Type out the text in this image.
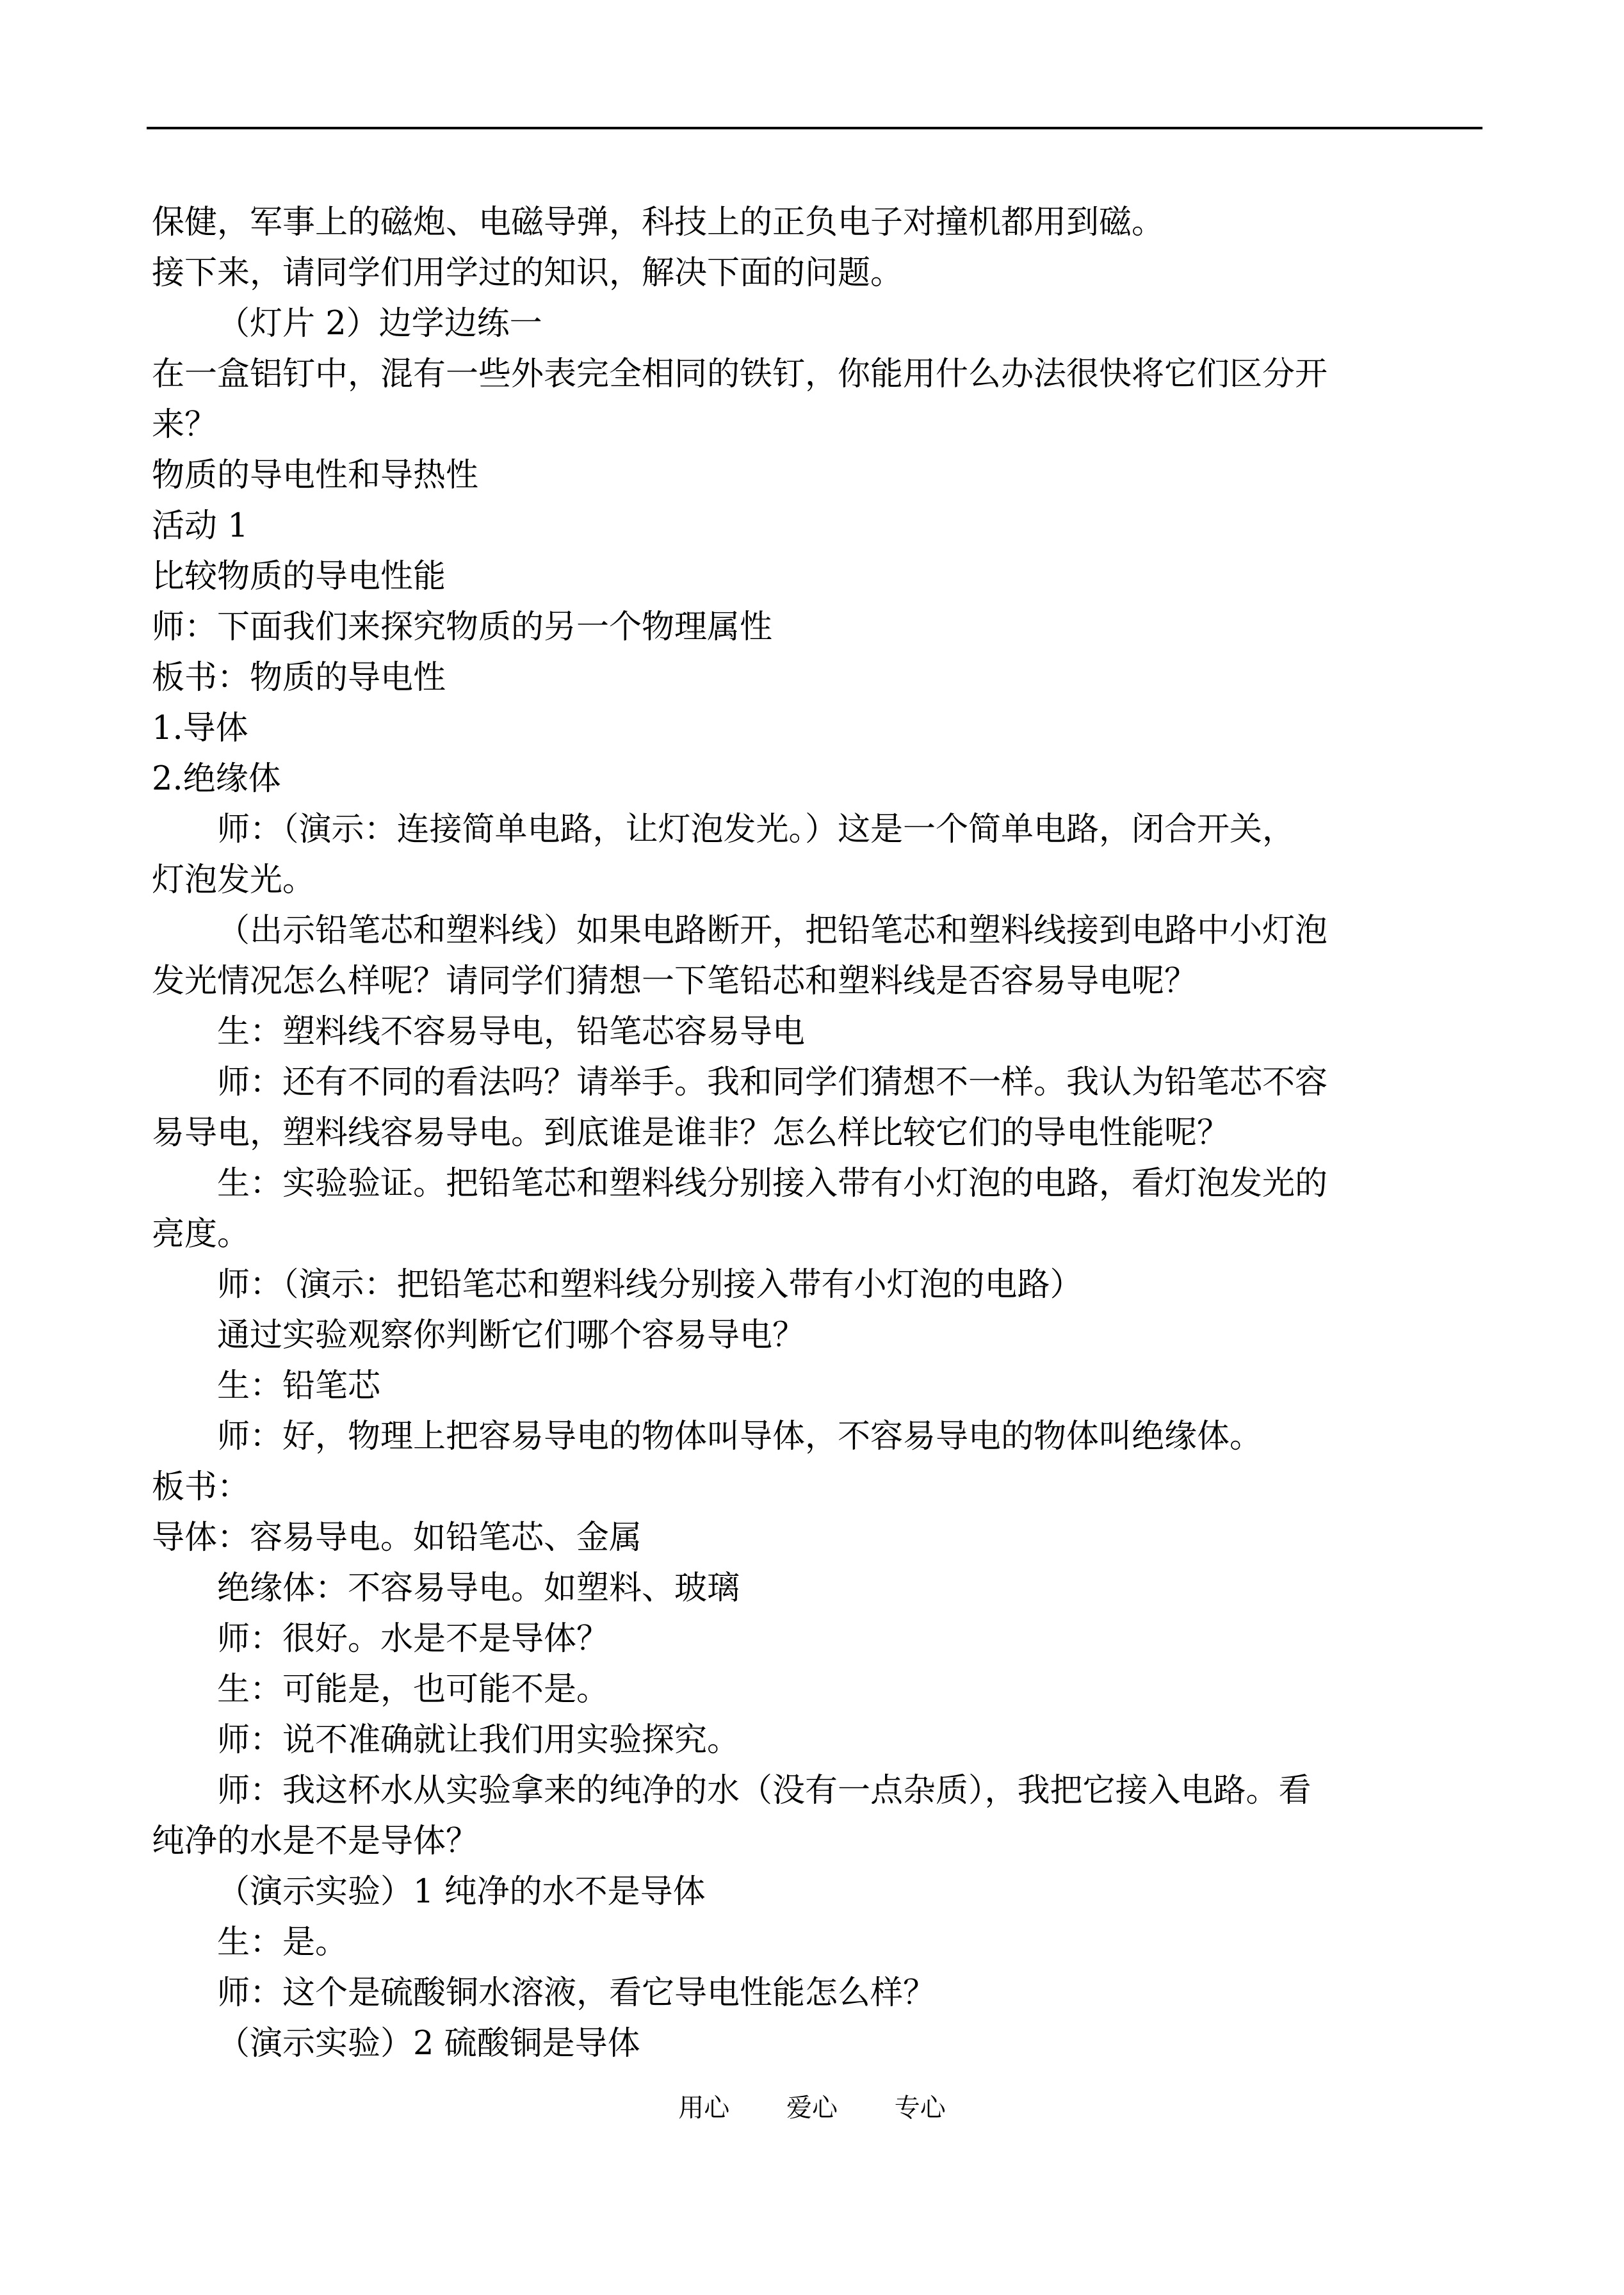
保健，军事上的磁炮、电磁导弹，科技上的正负电子对撞机都用到磁。

接下来，请同学们用学过的知识，解决下面的问题。

（灯片 2）边学边练一

在一盒铝钉中，混有一些外表完全相同的铁钉，你能用什么办法很快将它们区分开

来？

物质的导电性和导热性

活动 1

比较物质的导电性能

师：下面我们来探究物质的另一个物理属性

板书：物质的导电性

1.导体

2.绝缘体

师：（演示：连接简单电路，让灯泡发光。）这是一个简单电路，闭合开关，

灯泡发光。

（出示铅笔芯和塑料线）如果电路断开，把铅笔芯和塑料线接到电路中小灯泡

发光情况怎么样呢？请同学们猜想一下笔铅芯和塑料线是否容易导电呢？

生：塑料线不容易导电，铅笔芯容易导电

师：还有不同的看法吗？请举手。我和同学们猜想不一样。我认为铅笔芯不容

易导电，塑料线容易导电。到底谁是谁非？怎么样比较它们的导电性能呢？

生：实验验证。把铅笔芯和塑料线分别接入带有小灯泡的电路，看灯泡发光的

亮度。

师：（演示：把铅笔芯和塑料线分别接入带有小灯泡的电路）

通过实验观察你判断它们哪个容易导电？

生：铅笔芯

师：好，物理上把容易导电的物体叫导体，不容易导电的物体叫绝缘体。

板书：

导体：容易导电。如铅笔芯、金属

绝缘体：不容易导电。如塑料、玻璃

师：很好。水是不是导体？

生：可能是，也可能不是。

师：说不准确就让我们用实验探究。

师：我这杯水从实验拿来的纯净的水（没有一点杂质），我把它接入电路。看

纯净的水是不是导体？

（演示实验）1 纯净的水不是导体

生：是。

师：这个是硫酸铜水溶液，看它导电性能怎么样？

（演示实验）2 硫酸铜是导体

用心 爱心 专心
